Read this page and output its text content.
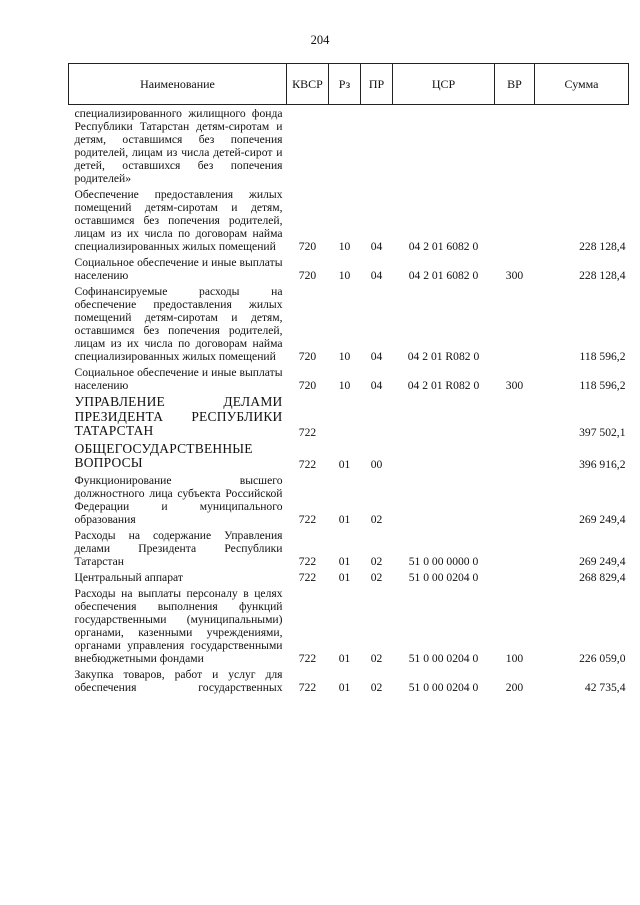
204
Наименование	КВСР	Рз	ПР	ЦСР	ВР	Сумма
специализированного жилищного фонда Республики Татарстан детям-сиротам и детям, оставшимся без попечения родителей, лицам из числа детей-сирот и детей, оставшихся без попечения родителей»						
Обеспечение предоставления жилых помещений детям-сиротам и детям, оставшимся без попечения родителей, лицам из их числа по договорам найма специализированных жилых помещений	720	10	04	04 2 01 6082 0		228 128,4
Социальное обеспечение и иные выплаты населению	720	10	04	04 2 01 6082 0	300	228 128,4
Софинансируемые расходы на обеспечение предоставления жилых помещений детям-сиротам и детям, оставшимся без попечения родителей, лицам из их числа по договорам найма специализированных жилых помещений	720	10	04	04 2 01 R082 0		118 596,2
Социальное обеспечение и иные выплаты населению	720	10	04	04 2 01 R082 0	300	118 596,2
УПРАВЛЕНИЕ ДЕЛАМИ ПРЕЗИДЕНТА РЕСПУБЛИКИ ТАТАРСТАН	722					397 502,1
ОБЩЕГОСУДАРСТВЕННЫЕ ВОПРОСЫ	722	01	00			396 916,2
Функционирование высшего должностного лица субъекта Российской Федерации и муниципального образования	722	01	02			269 249,4
Расходы на содержание Управления делами Президента Республики Татарстан	722	01	02	51 0 00 0000 0		269 249,4
Центральный аппарат	722	01	02	51 0 00 0204 0		268 829,4
Расходы на выплаты персоналу в целях обеспечения выполнения функций государственными (муниципальными) органами, казенными учреждениями, органами управления государственными внебюджетными фондами	722	01	02	51 0 00 0204 0	100	226 059,0
Закупка товаров, работ и услуг для обеспечения государственных	722	01	02	51 0 00 0204 0	200	42 735,4
